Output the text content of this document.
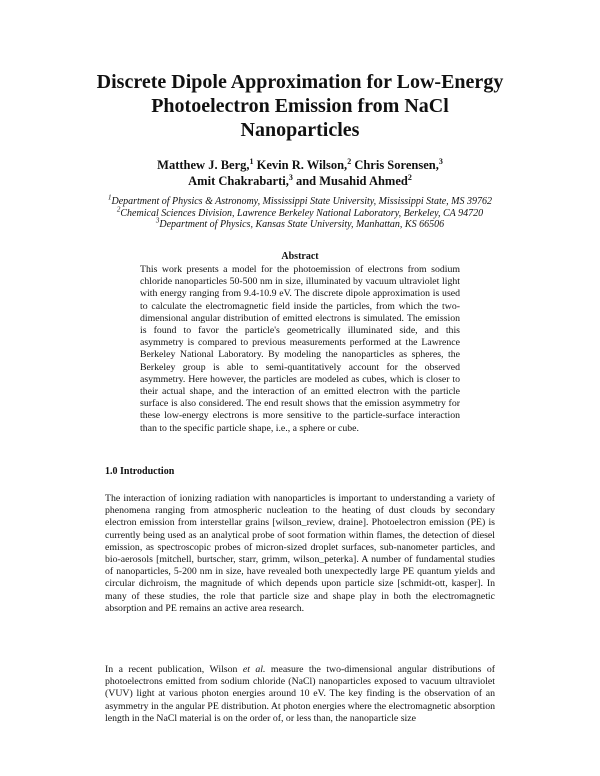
Discrete Dipole Approximation for Low-Energy Photoelectron Emission from NaCl Nanoparticles
Matthew J. Berg,$^1$ Kevin R. Wilson,$^2$ Chris Sorensen,$^3$
Amit Chakrabarti,$^3$ and Musahid Ahmed$^2$
$^1$Department of Physics & Astronomy, Mississippi State University, Mississippi State, MS 39762
$^2$Chemical Sciences Division, Lawrence Berkeley National Laboratory, Berkeley, CA 94720
$^3$Department of Physics, Kansas State University, Manhattan, KS 66506
Abstract
This work presents a model for the photoemission of electrons from sodium chloride nanoparticles 50-500 nm in size, illuminated by vacuum ultraviolet light with energy ranging from 9.4-10.9 eV. The discrete dipole approximation is used to calculate the electromagnetic field inside the particles, from which the two-dimensional angular distribution of emitted electrons is simulated. The emission is found to favor the particle's geometrically illuminated side, and this asymmetry is compared to previous measurements performed at the Lawrence Berkeley National Laboratory. By modeling the nanoparticles as spheres, the Berkeley group is able to semi-quantitatively account for the observed asymmetry. Here however, the particles are modeled as cubes, which is closer to their actual shape, and the interaction of an emitted electron with the particle surface is also considered. The end result shows that the emission asymmetry for these low-energy electrons is more sensitive to the particle-surface interaction than to the specific particle shape, i.e., a sphere or cube.
1.0 Introduction
The interaction of ionizing radiation with nanoparticles is important to understanding a variety of phenomena ranging from atmospheric nucleation to the heating of dust clouds by secondary electron emission from interstellar grains [wilson_review, draine]. Photoelectron emission (PE) is currently being used as an analytical probe of soot formation within flames, the detection of diesel emission, as spectroscopic probes of micron-sized droplet surfaces, sub-nanometer particles, and bio-aerosols [mitchell, burtscher, starr, grimm, wilson_peterka]. A number of fundamental studies of nanoparticles, 5-200 nm in size, have revealed both unexpectedly large PE quantum yields and circular dichroism, the magnitude of which depends upon particle size [schmidt-ott, kasper]. In many of these studies, the role that particle size and shape play in both the electromagnetic absorption and PE remains an active area research.
In a recent publication, Wilson et al. measure the two-dimensional angular distributions of photoelectrons emitted from sodium chloride (NaCl) nanoparticles exposed to vacuum ultraviolet (VUV) light at various photon energies around 10 eV. The key finding is the observation of an asymmetry in the angular PE distribution. At photon energies where the electromagnetic absorption length in the NaCl material is on the order of, or less than, the nanoparticle size
